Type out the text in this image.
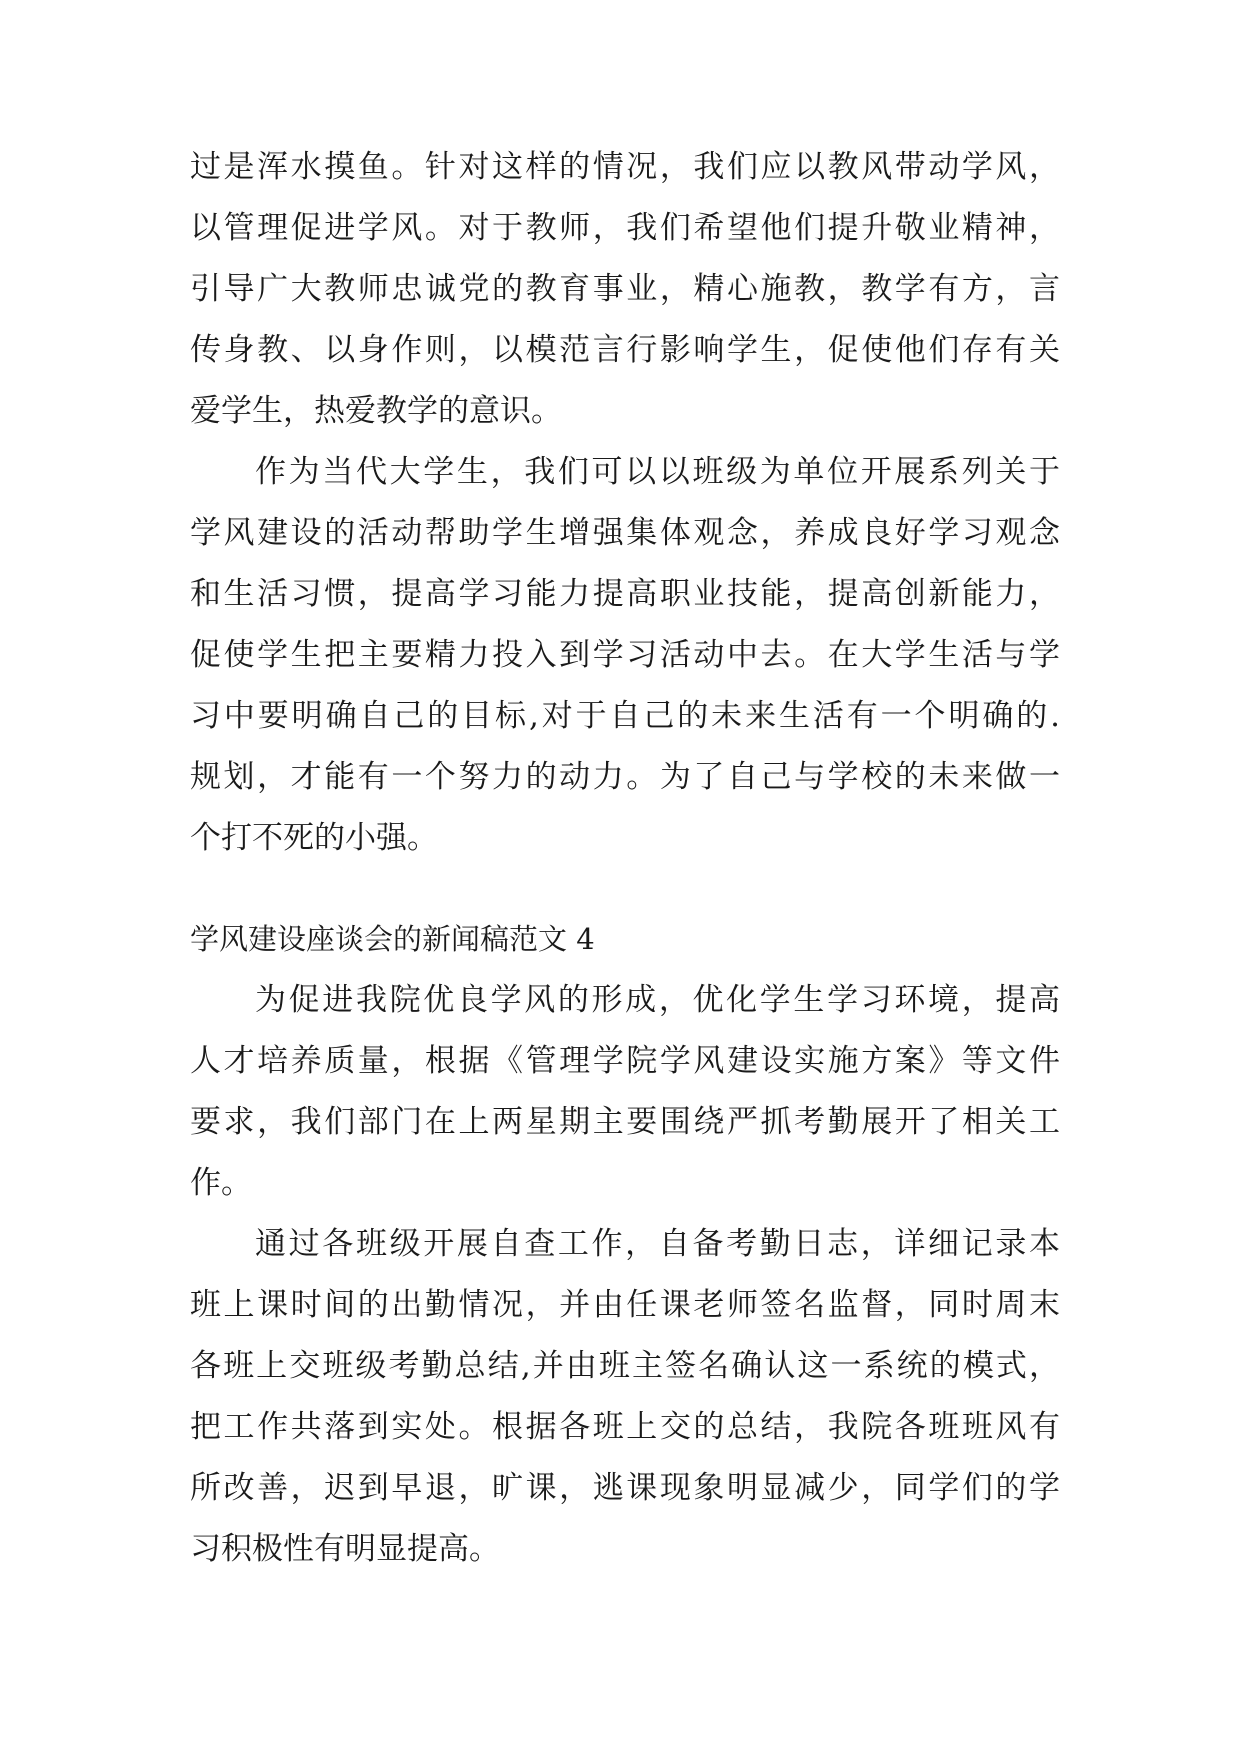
过是浑水摸鱼。针对这样的情况，我们应以教风带动学风，
以管理促进学风。对于教师，我们希望他们提升敬业精神，
引导广大教师忠诚党的教育事业，精心施教，教学有方，言
传身教、以身作则，以模范言行影响学生，促使他们存有关
爱学生，热爱教学的意识。
作为当代大学生，我们可以以班级为单位开展系列关于
学风建设的活动帮助学生增强集体观念，养成良好学习观念
和生活习惯，提高学习能力提高职业技能，提高创新能力，
促使学生把主要精力投入到学习活动中去。在大学生活与学
习中要明确自己的目标,对于自己的未来生活有一个明确的.
规划，才能有一个努力的动力。为了自己与学校的未来做一
个打不死的小强。
学风建设座谈会的新闻稿范文 4
为促进我院优良学风的形成，优化学生学习环境，提高
人才培养质量，根据《管理学院学风建设实施方案》等文件
要求，我们部门在上两星期主要围绕严抓考勤展开了相关工
作。
通过各班级开展自查工作，自备考勤日志，详细记录本
班上课时间的出勤情况，并由任课老师签名监督，同时周末
各班上交班级考勤总结,并由班主签名确认这一系统的模式，
把工作共落到实处。根据各班上交的总结，我院各班班风有
所改善，迟到早退，旷课，逃课现象明显减少，同学们的学
习积极性有明显提高。
